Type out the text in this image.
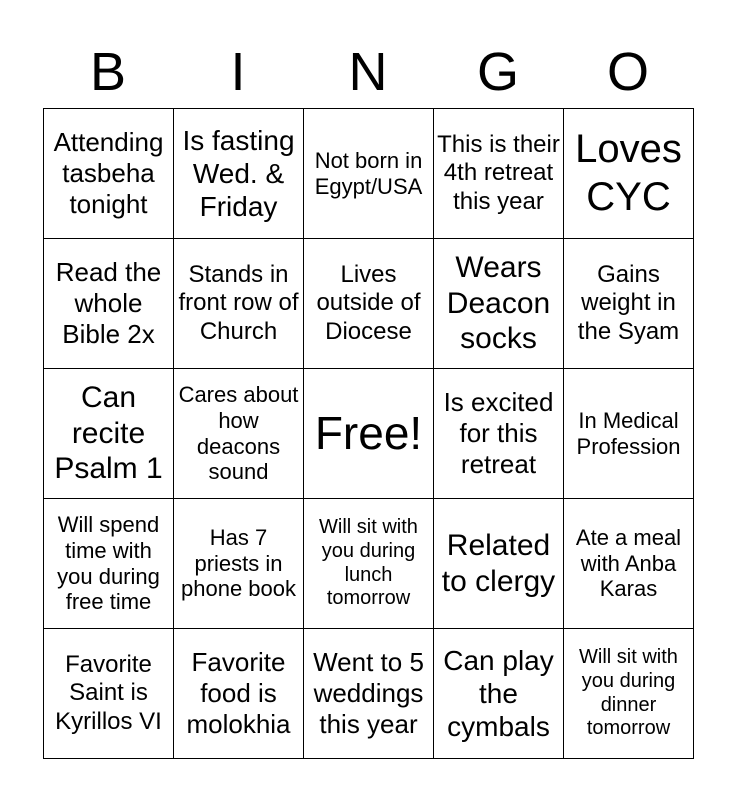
B	I	N	G	O
Attending tasbeha tonight	Is fasting Wed. & Friday	Not born in Egypt/USA	This is their 4th retreat this year	Loves CYC
Read the whole Bible 2x	Stands in front row of Church	Lives outside of Diocese	Wears Deacon socks	Gains weight in the Syam
Can recite Psalm 1	Cares about how deacons sound	Free!	Is excited for this retreat	In Medical Profession
Will spend time with you during free time	Has 7 priests in phone book	Will sit with you during lunch tomorrow	Related to clergy	Ate a meal with Anba Karas
Favorite Saint is Kyrillos VI	Favorite food is molokhia	Went to 5 weddings this year	Can play the cymbals	Will sit with you during dinner tomorrow
